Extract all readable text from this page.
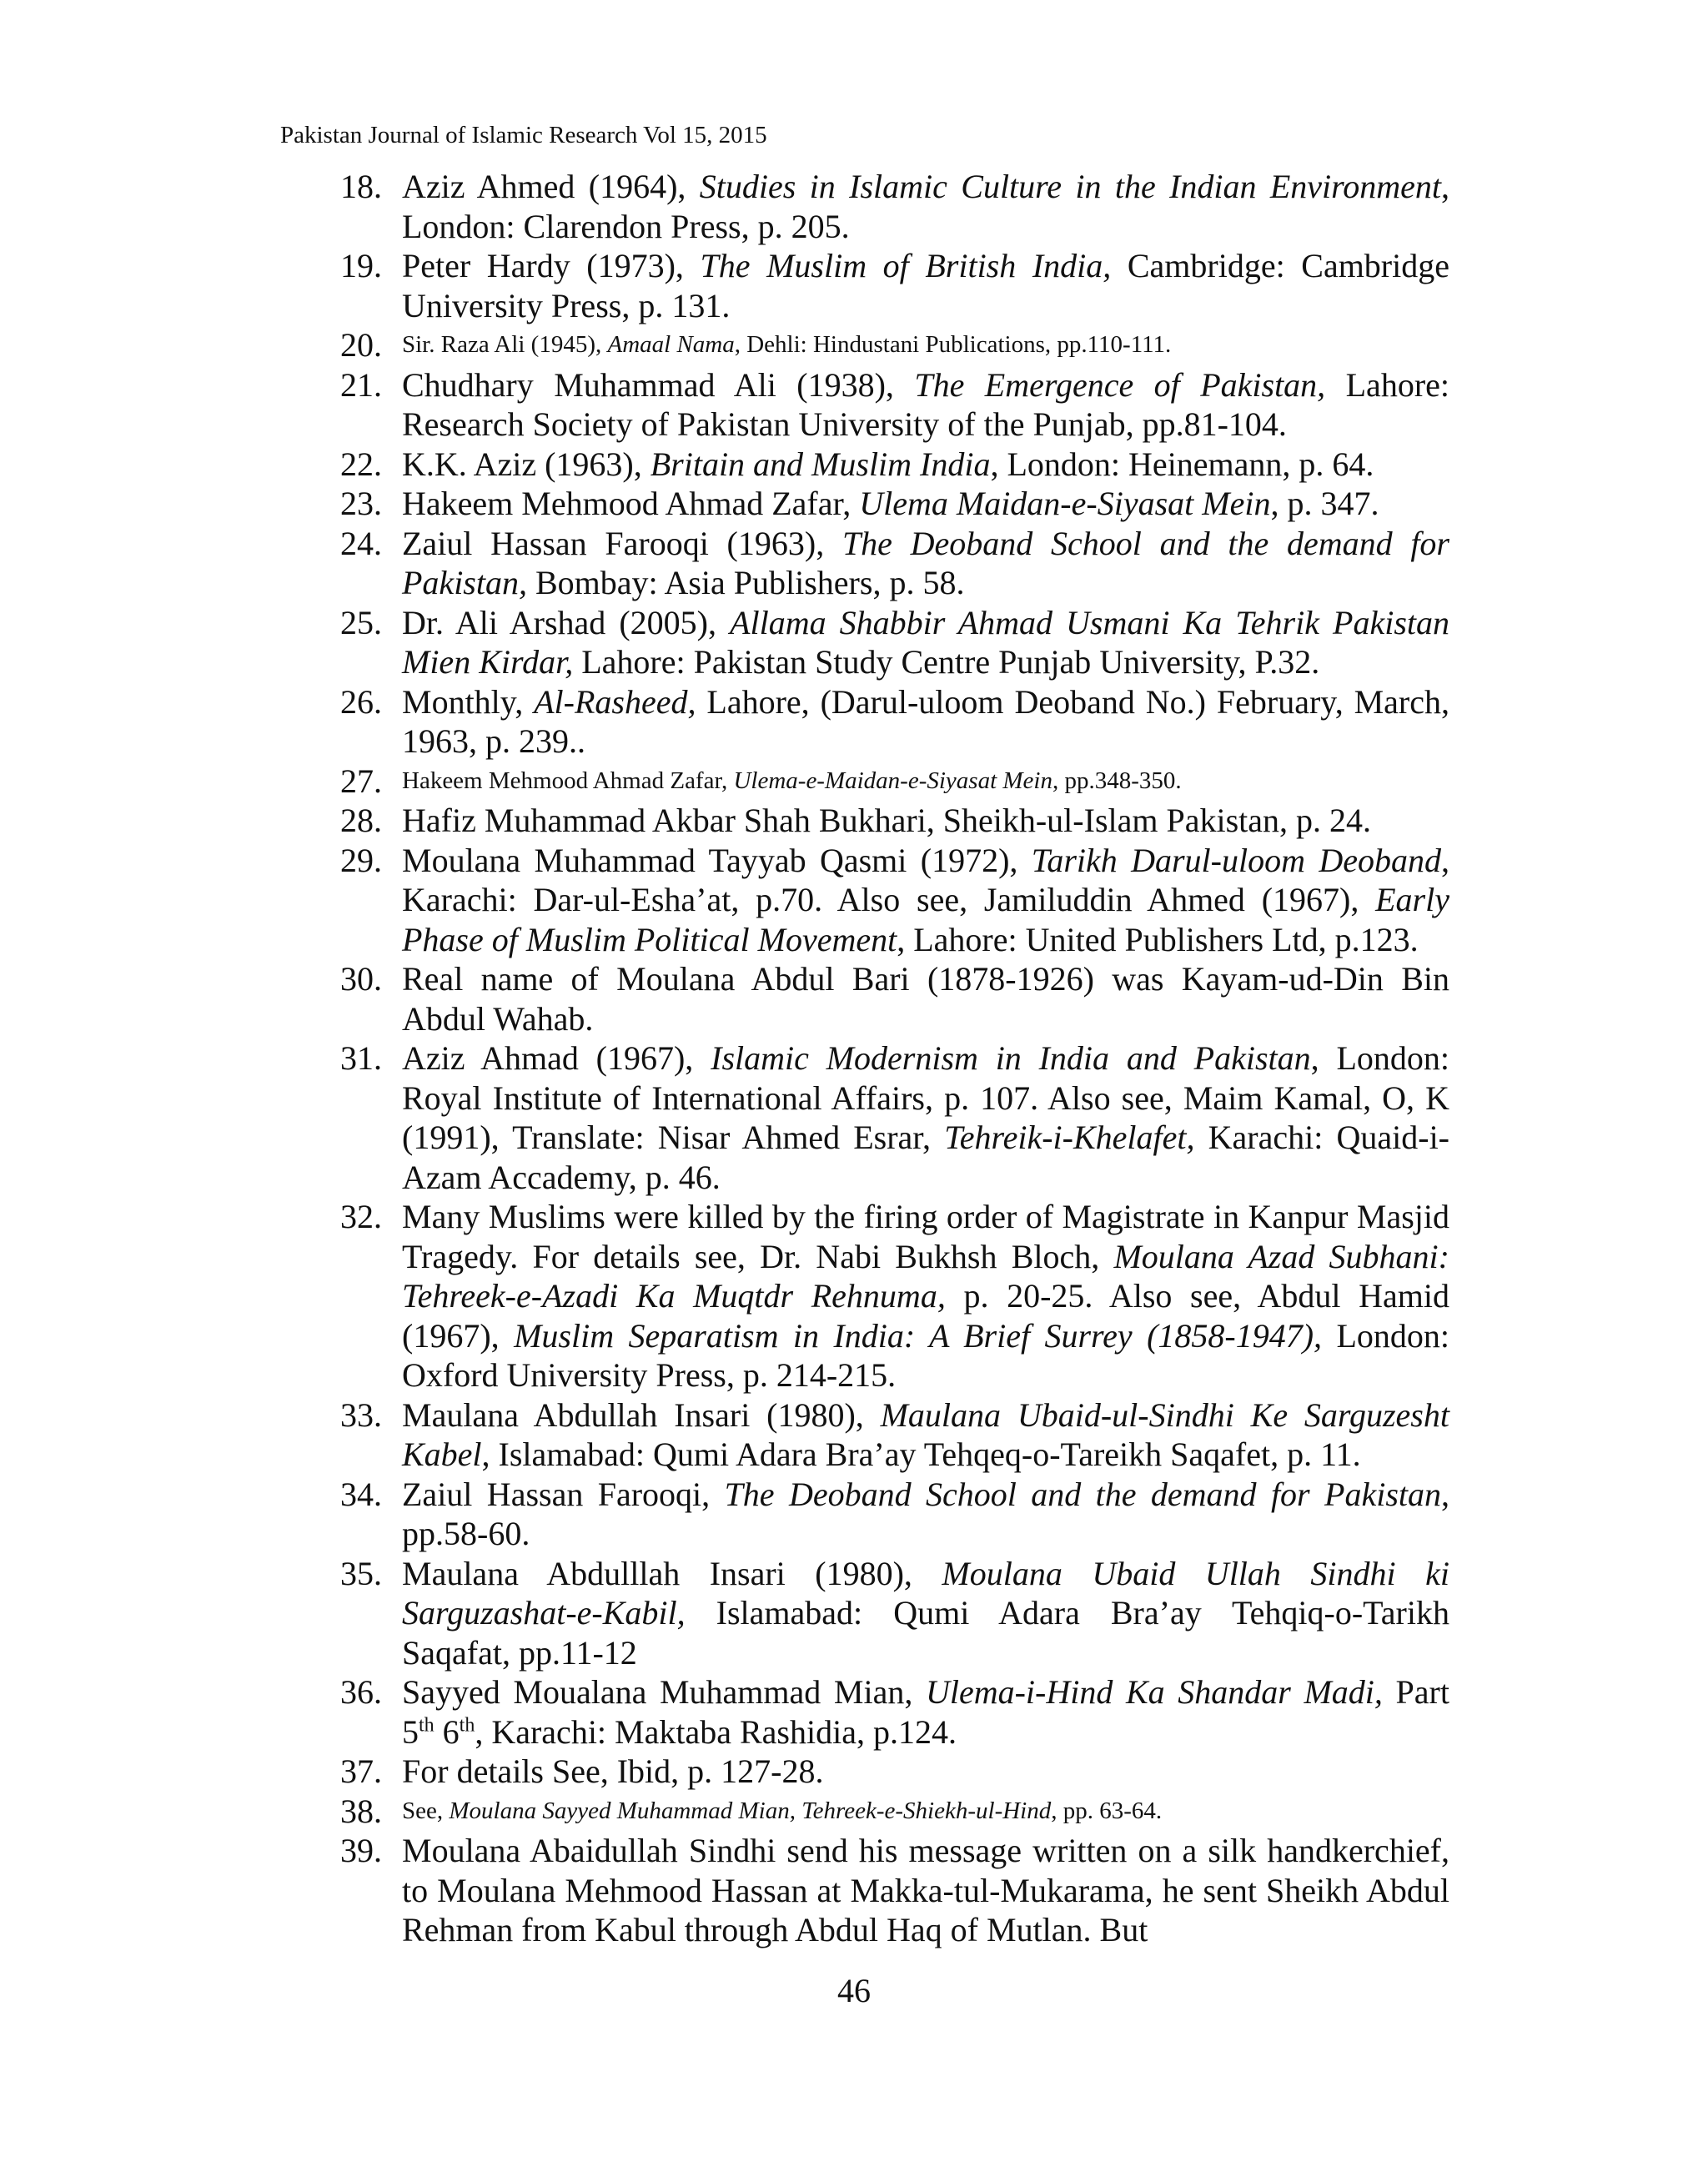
Pakistan Journal of Islamic Research Vol 15, 2015
18. Aziz Ahmed (1964), Studies in Islamic Culture in the Indian Environment, London: Clarendon Press, p. 205.
19. Peter Hardy (1973), The Muslim of British India, Cambridge: Cambridge University Press, p. 131.
20. Sir. Raza Ali (1945), Amaal Nama, Dehli: Hindustani Publications, pp.110-111.
21. Chudhary Muhammad Ali (1938), The Emergence of Pakistan, Lahore: Research Society of Pakistan University of the Punjab, pp.81-104.
22. K.K. Aziz (1963), Britain and Muslim India, London: Heinemann, p. 64.
23. Hakeem Mehmood Ahmad Zafar, Ulema Maidan-e-Siyasat Mein, p. 347.
24. Zaiul Hassan Farooqi (1963), The Deoband School and the demand for Pakistan, Bombay: Asia Publishers, p. 58.
25. Dr. Ali Arshad (2005), Allama Shabbir Ahmad Usmani Ka Tehrik Pakistan Mien Kirdar, Lahore: Pakistan Study Centre Punjab University, P.32.
26. Monthly, Al-Rasheed, Lahore, (Darul-uloom Deoband No.) February, March, 1963, p. 239..
27. Hakeem Mehmood Ahmad Zafar, Ulema-e-Maidan-e-Siyasat Mein, pp.348-350.
28. Hafiz Muhammad Akbar Shah Bukhari, Sheikh-ul-Islam Pakistan, p. 24.
29. Moulana Muhammad Tayyab Qasmi (1972), Tarikh Darul-uloom Deoband, Karachi: Dar-ul-Esha’at, p.70. Also see, Jamiluddin Ahmed (1967), Early Phase of Muslim Political Movement, Lahore: United Publishers Ltd, p.123.
30. Real name of Moulana Abdul Bari (1878-1926) was Kayam-ud-Din Bin Abdul Wahab.
31. Aziz Ahmad (1967), Islamic Modernism in India and Pakistan, London: Royal Institute of International Affairs, p. 107. Also see, Maim Kamal, O, K (1991), Translate: Nisar Ahmed Esrar, Tehreik-i-Khelafet, Karachi: Quaid-i-Azam Accademy, p. 46.
32. Many Muslims were killed by the firing order of Magistrate in Kanpur Masjid Tragedy. For details see, Dr. Nabi Bukhsh Bloch, Moulana Azad Subhani: Tehreek-e-Azadi Ka Muqtdr Rehnuma, p. 20-25. Also see, Abdul Hamid (1967), Muslim Separatism in India: A Brief Surrey (1858-1947), London: Oxford University Press, p. 214-215.
33. Maulana Abdullah Insari (1980), Maulana Ubaid-ul-Sindhi Ke Sarguzesht Kabel, Islamabad: Qumi Adara Bra’ay Tehqeq-o-Tareikh Saqafet, p. 11.
34. Zaiul Hassan Farooqi, The Deoband School and the demand for Pakistan, pp.58-60.
35. Maulana Abdulllah Insari (1980), Moulana Ubaid Ullah Sindhi ki Sarguzashat-e-Kabil, Islamabad: Qumi Adara Bra’ay Tehqiq-o-Tarikh Saqafat, pp.11-12
36. Sayyed Moualana Muhammad Mian, Ulema-i-Hind Ka Shandar Madi, Part 5th 6th, Karachi: Maktaba Rashidia, p.124.
37. For details See, Ibid, p. 127-28.
38. See, Moulana Sayyed Muhammad Mian, Tehreek-e-Shiekh-ul-Hind, pp. 63-64.
39. Moulana Abaidullah Sindhi send his message written on a silk handkerchief, to Moulana Mehmood Hassan at Makka-tul-Mukarama, he sent Sheikh Abdul Rehman from Kabul through Abdul Haq of Mutlan. But
46
